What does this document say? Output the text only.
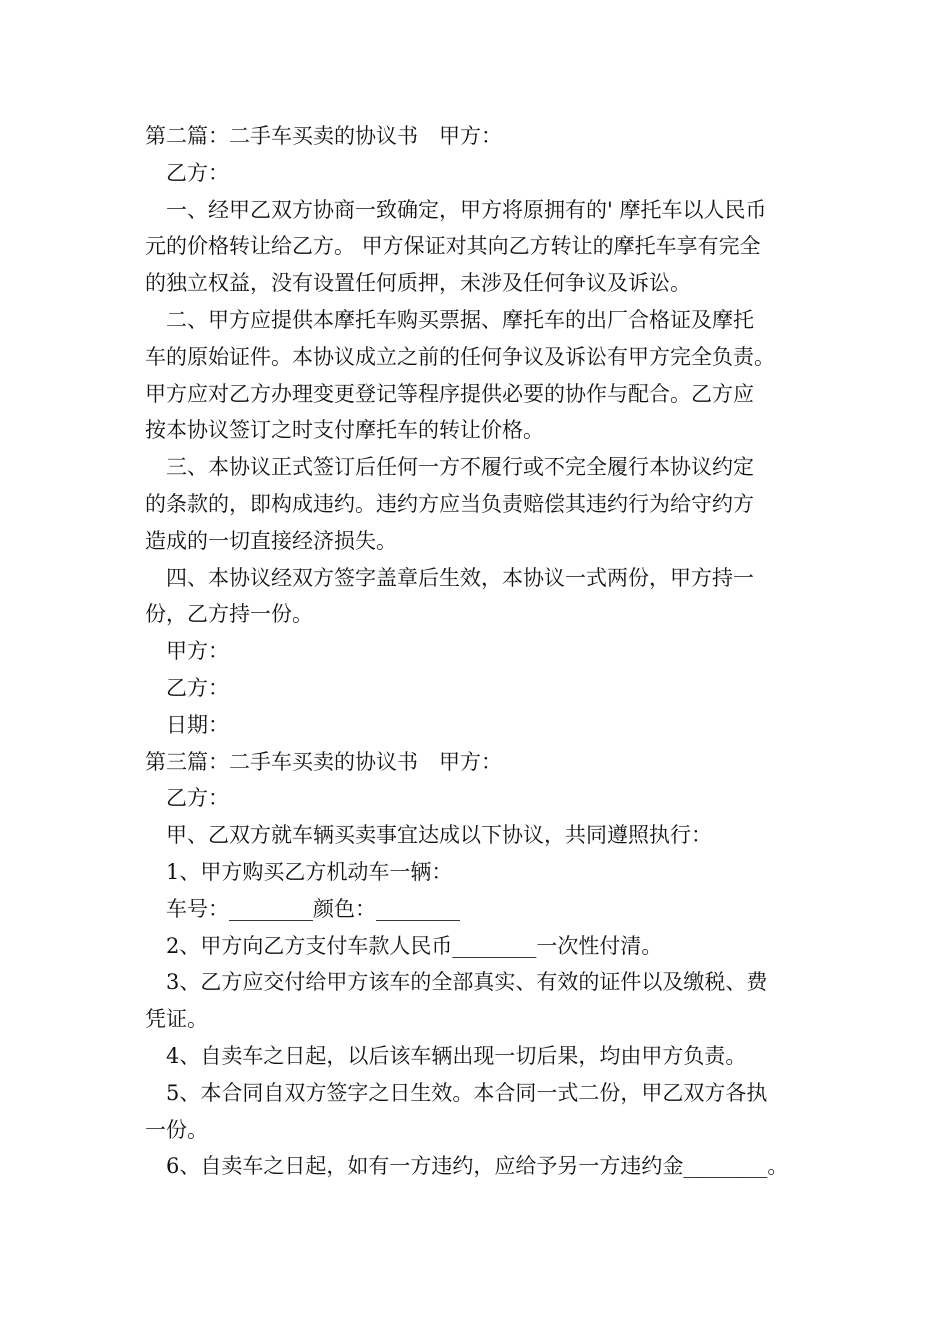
第二篇：二手车买卖的协议书　甲方：

乙方：

一、经甲乙双方协商一致确定，甲方将原拥有的' 摩托车以人民币

元的价格转让给乙方。 甲方保证对其向乙方转让的摩托车享有完全

的独立权益，没有设置任何质押，未涉及任何争议及诉讼。

二、甲方应提供本摩托车购买票据、摩托车的出厂合格证及摩托

车的原始证件。本协议成立之前的任何争议及诉讼有甲方完全负责。

甲方应对乙方办理变更登记等程序提供必要的协作与配合。乙方应

按本协议签订之时支付摩托车的转让价格。

三、本协议正式签订后任何一方不履行或不完全履行本协议约定

的条款的，即构成违约。违约方应当负责赔偿其违约行为给守约方

造成的一切直接经济损失。

四、本协议经双方签字盖章后生效，本协议一式两份，甲方持一

份，乙方持一份。

甲方：

乙方：

日期：

第三篇：二手车买卖的协议书　甲方：

乙方：

甲、乙双方就车辆买卖事宜达成以下协议，共同遵照执行：

1、甲方购买乙方机动车一辆：

车号：________颜色：________

2、甲方向乙方支付车款人民币________一次性付清。

3、乙方应交付给甲方该车的全部真实、有效的证件以及缴税、费

凭证。

4、自卖车之日起，以后该车辆出现一切后果，均由甲方负责。

5、本合同自双方签字之日生效。本合同一式二份，甲乙双方各执

一份。

6、自卖车之日起，如有一方违约，应给予另一方违约金________。
